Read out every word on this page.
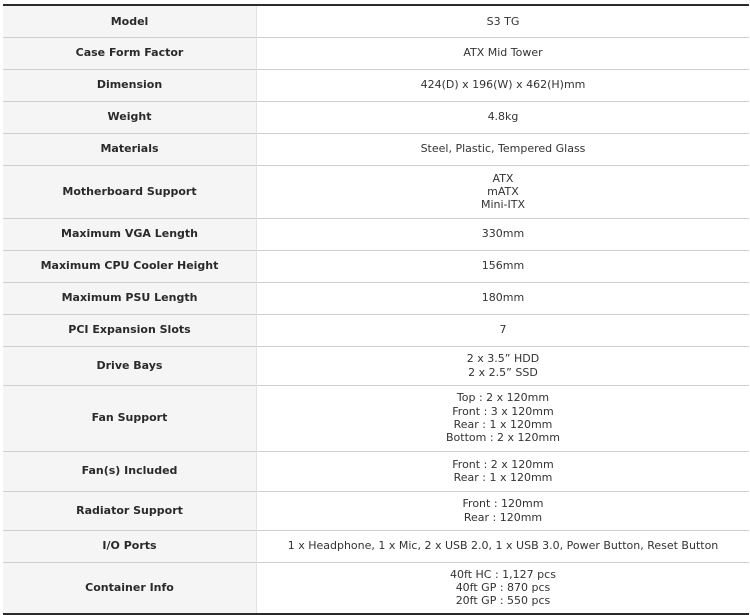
Model	S3 TG

Case Form Factor	ATX Mid Tower

Dimension	424(D) x 196(W) x 462(H)mm

Weight	4.8kg

Materials	Steel, Plastic, Tempered Glass

Motherboard Support	ATX
mATX
Mini-ITX

Maximum VGA Length	330mm

Maximum CPU Cooler Height	156mm

Maximum PSU Length	180mm

PCI Expansion Slots	7

Drive Bays	2 x 3.5” HDD
2 x 2.5” SSD

Fan Support	Top : 2 x 120mm
Front : 3 x 120mm
Rear : 1 x 120mm
Bottom : 2 x 120mm

Fan(s) Included	Front : 2 x 120mm
Rear : 1 x 120mm

Radiator Support	Front : 120mm
Rear : 120mm

I/O Ports	1 x Headphone, 1 x Mic, 2 x USB 2.0, 1 x USB 3.0, Power Button, Reset Button

Container Info	40ft HC : 1,127 pcs
40ft GP : 870 pcs
20ft GP : 550 pcs
